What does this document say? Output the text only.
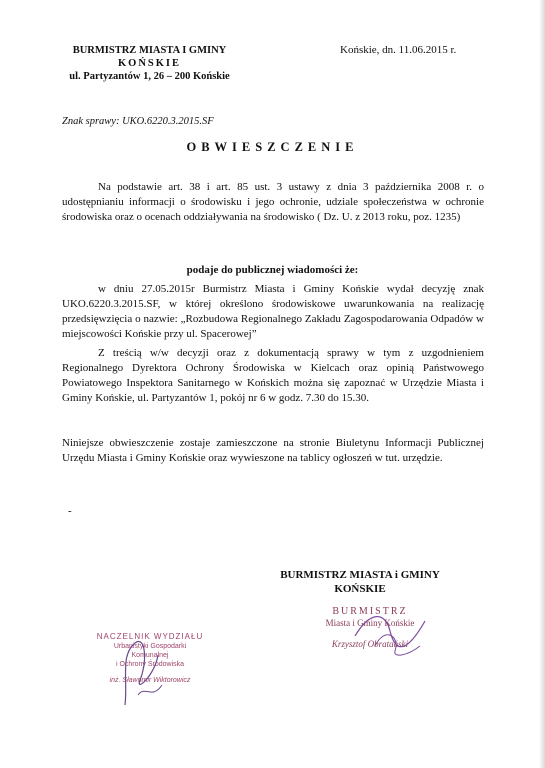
BURMISTRZ MIASTA I GMINY
KOŃSKIE
ul. Partyzantów 1, 26 – 200 Końskie
Końskie, dn. 11.06.2015 r.
Znak sprawy: UKO.6220.3.2015.SF
OBWIESZCZENIE
Na podstawie art. 38 i art. 85 ust. 3 ustawy z dnia 3 października 2008 r. o udostępnianiu informacji o środowisku i jego ochronie, udziale społeczeństwa w ochronie środowiska oraz o ocenach oddziaływania na środowisko ( Dz. U. z 2013 roku, poz. 1235)
podaje do publicznej wiadomości że:
w dniu 27.05.2015r Burmistrz Miasta i Gminy Końskie wydał decyzję znak UKO.6220.3.2015.SF, w której określono środowiskowe uwarunkowania na realizację przedsięwzięcia o nazwie: „Rozbudowa Regionalnego Zakładu Zagospodarowania Odpadów w miejscowości Końskie przy ul. Spacerowej”
Z treścią w/w decyzji oraz z dokumentacją sprawy w tym z uzgodnieniem Regionalnego Dyrektora Ochrony Środowiska w Kielcach oraz opinią Państwowego Powiatowego Inspektora Sanitarnego w Końskich można się zapoznać w Urzędzie Miasta i Gminy Końskie, ul. Partyzantów 1, pokój nr 6 w godz. 7.30 do 15.30.
Niniejsze obwieszczenie zostaje zamieszczone na stronie Biuletynu Informacji Publicznej Urzędu Miasta i Gminy Końskie oraz wywieszone na tablicy ogłoszeń w tut. urzędzie.
-
BURMISTRZ MIASTA i GMINY
KOŃSKIE
BURMISTRZ
Miasta i Gminy Końskie
Krzysztof Obratański
NACZELNIK WYDZIAŁU
Urbanistyki Gospodarki Komunalnej
i Ochrony Środowiska
inż. Sławomir Wiktorowicz
